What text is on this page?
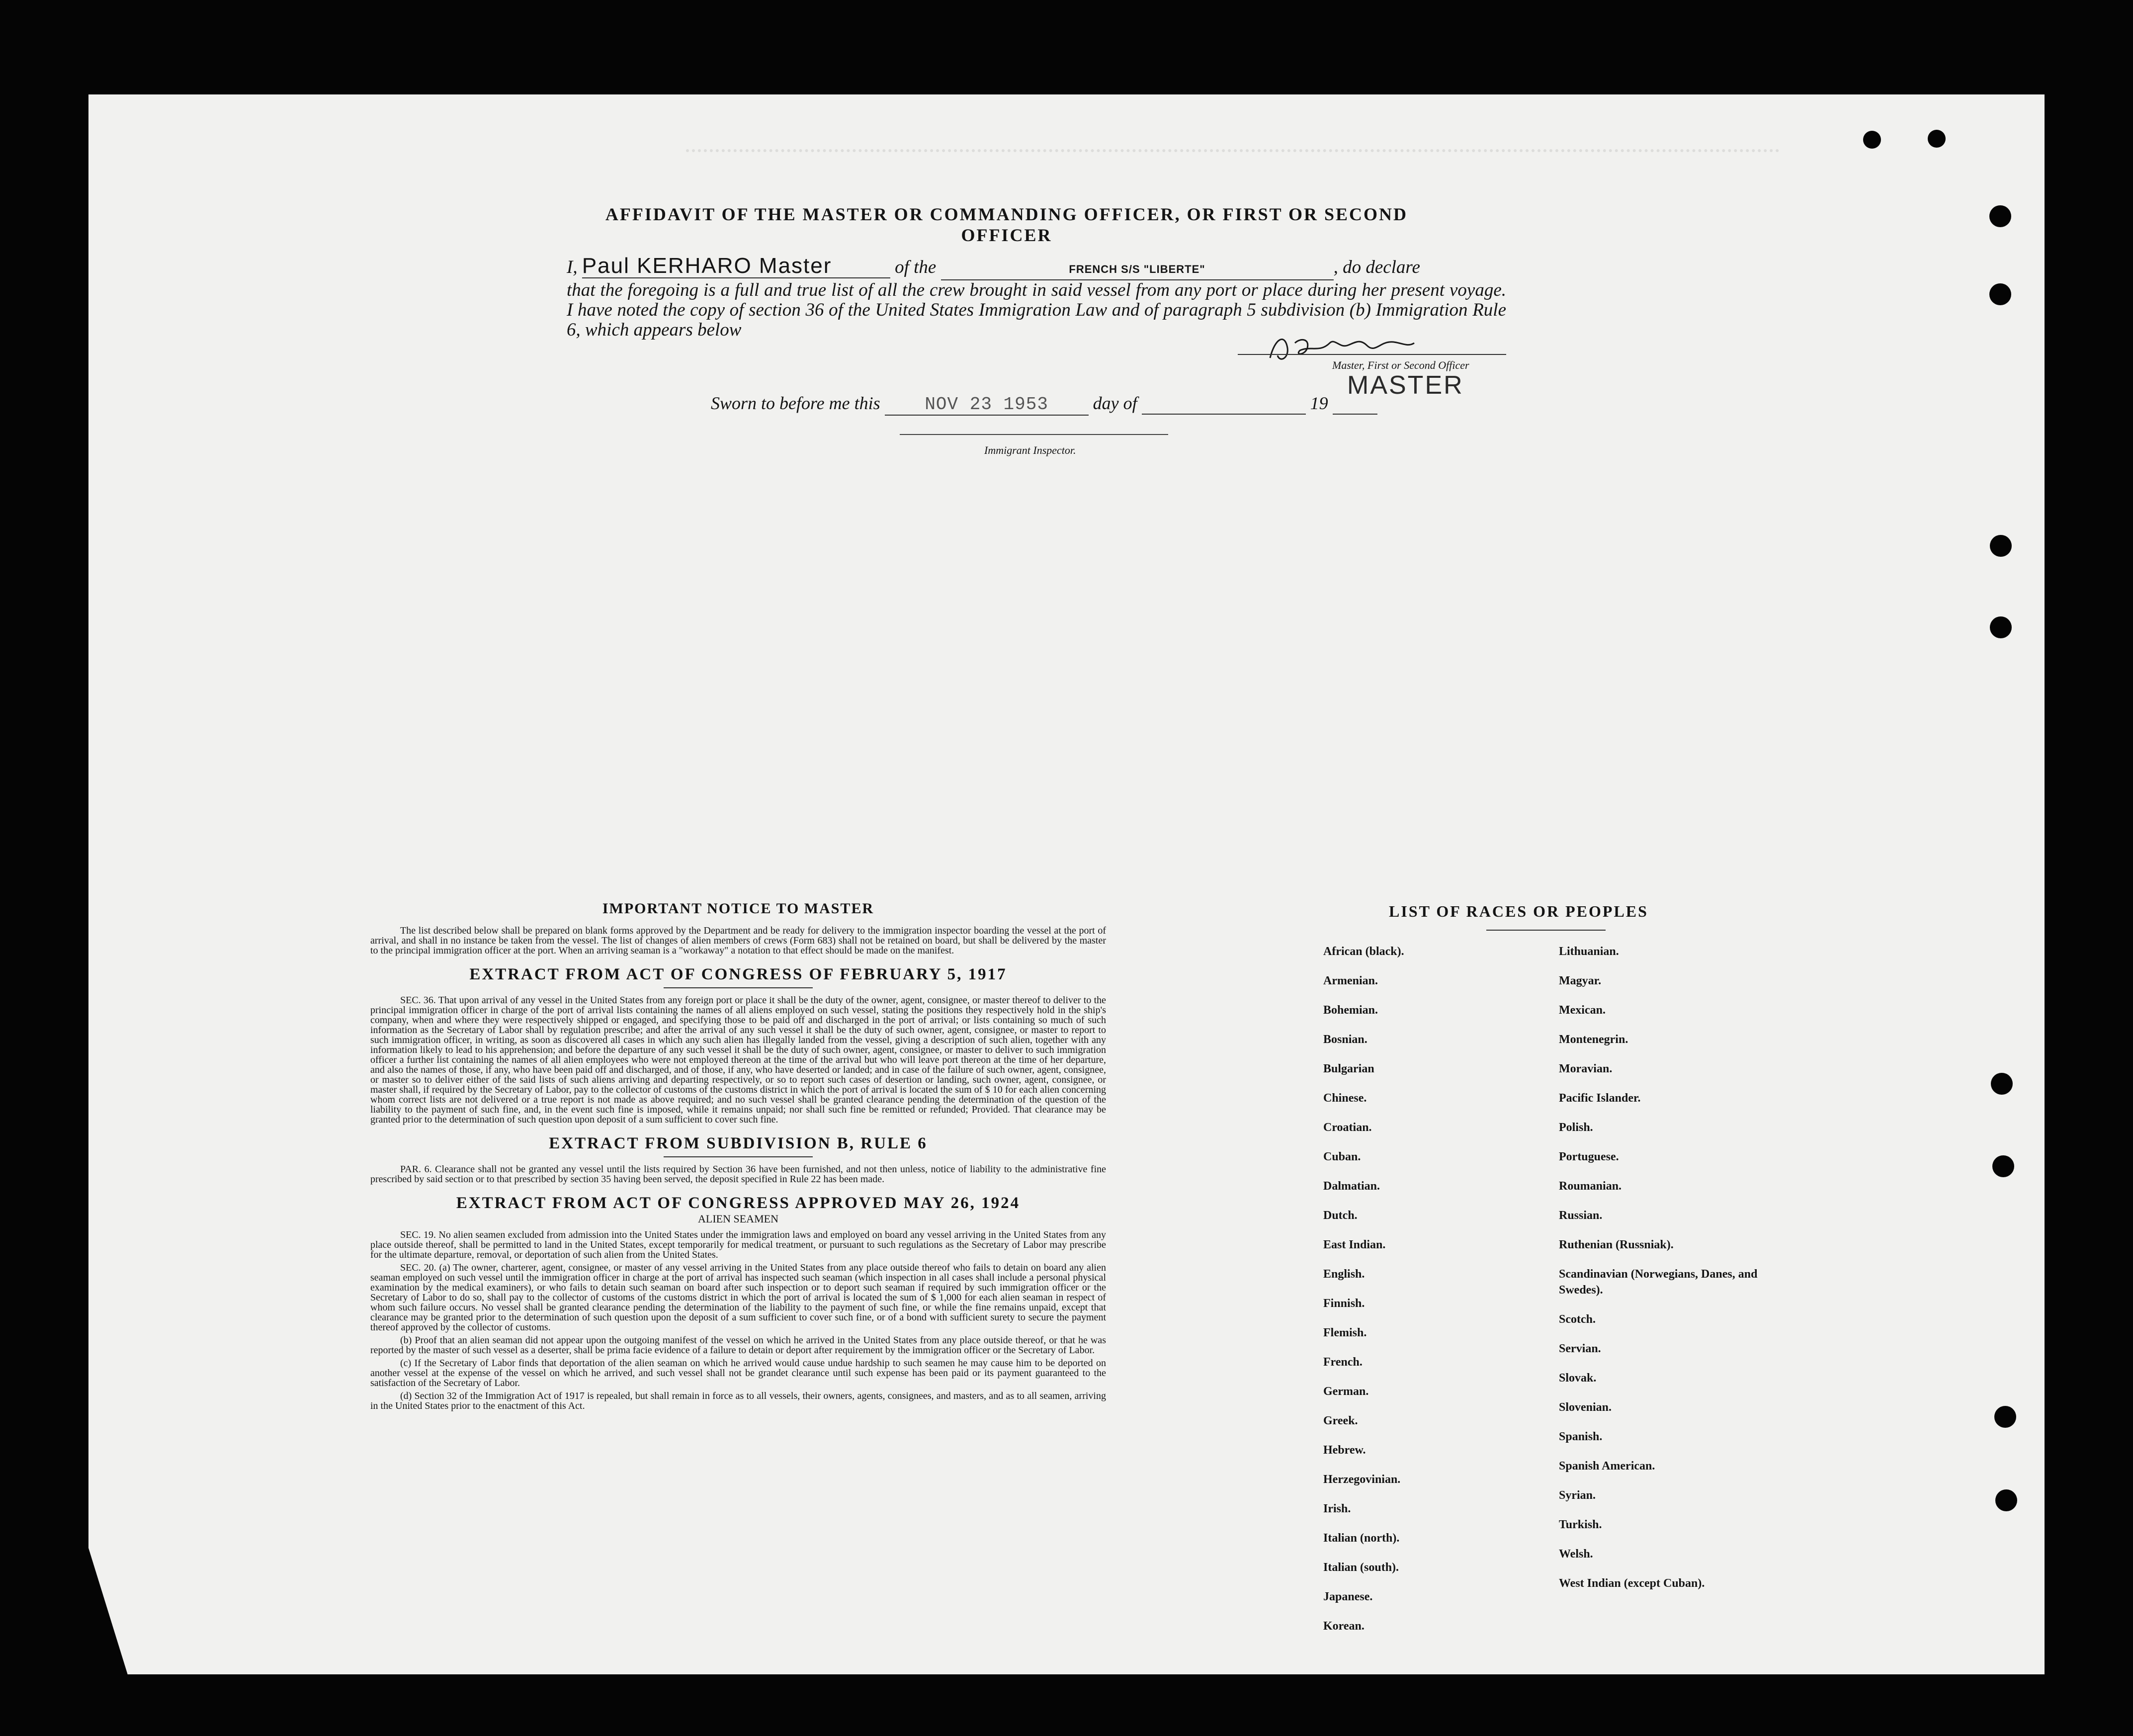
AFFIDAVIT OF THE MASTER OR COMMANDING OFFICER, OR FIRST OR SECOND OFFICER
I, Paul KERHARO Master	of the	FRENCH S/S "LIBERTE"	, do declare
that the foregoing is a full and true list of all the crew brought in said vessel from any port or place during her present voyage. I have noted the copy of section 36 of the United States Immigration Law and of paragraph 5 subdivision (b) Immigration Rule 6, which appears below
Master, First or Second Officer
MASTER
Sworn to before me this NOV 23 1953 day of	19
Immigrant Inspector.
IMPORTANT NOTICE TO MASTER

The list described below shall be prepared on blank forms approved by the Department and be ready for delivery to the immigration inspector boarding the vessel at the port of arrival, and shall in no instance be taken from the vessel. The list of changes of alien members of crews (Form 683) shall not be retained on board, but shall be delivered by the master to the principal immigration officer at the port. When an arriving seaman is a "workaway" a notation to that effect should be made on the manifest.

EXTRACT FROM ACT OF CONGRESS OF FEBRUARY 5, 1917

SEC. 36. That upon arrival of any vessel in the United States from any foreign port or place it shall be the duty of the owner, agent, consignee, or master thereof to deliver to the principal immigration officer in charge of the port of arrival lists containing the names of all aliens employed on such vessel, stating the positions they respectively hold in the ship's company, when and where they were respectively shipped or engaged, and specifying those to be paid off and discharged in the port of arrival; or lists containing so much of such information as the Secretary of Labor shall by regulation prescribe; and after the arrival of any such vessel it shall be the duty of such owner, agent, consignee, or master to report to such immigration officer, in writing, as soon as discovered all cases in which any such alien has illegally landed from the vessel, giving a description of such alien, together with any information likely to lead to his apprehension; and before the departure of any such vessel it shall be the duty of such owner, agent, consignee, or master to deliver to such immigration officer a further list containing the names of all alien employees who were not employed thereon at the time of the arrival but who will leave port thereon at the time of her departure, and also the names of those, if any, who have been paid off and discharged, and of those, if any, who have deserted or landed; and in case of the failure of such owner, agent, consignee, or master so to deliver either of the said lists of such aliens arriving and departing respectively, or so to report such cases of desertion or landing, such owner, agent, consignee, or master shall, if required by the Secretary of Labor, pay to the collector of customs of the customs district in which the port of arrival is located the sum of $ 10 for each alien concerning whom correct lists are not delivered or a true report is not made as above required; and no such vessel shall be granted clearance pending the determination of the question of the liability to the payment of such fine, and, in the event such fine is imposed, while it remains unpaid; nor shall such fine be remitted or refunded; Provided. That clearance may be granted prior to the determination of such question upon deposit of a sum sufficient to cover such fine.

EXTRACT FROM SUBDIVISION B, RULE 6

PAR. 6. Clearance shall not be granted any vessel until the lists required by Section 36 have been furnished, and not then unless, notice of liability to the administrative fine prescribed by said section or to that prescribed by section 35 having been served, the deposit specified in Rule 22 has been made.

EXTRACT FROM ACT OF CONGRESS APPROVED MAY 26, 1924
ALIEN SEAMEN

SEC. 19. No alien seamen excluded from admission into the United States under the immigration laws and employed on board any vessel arriving in the United States from any place outside thereof, shall be permitted to land in the United States, except temporarily for medical treatment, or pursuant to such regulations as the Secretary of Labor may prescribe for the ultimate departure, removal, or deportation of such alien from the United States.

SEC. 20. (a) The owner, charterer, agent, consignee, or master of any vessel arriving in the United States from any place outside thereof who fails to detain on board any alien seaman employed on such vessel until the immigration officer in charge at the port of arrival has inspected such seaman (which inspection in all cases shall include a personal physical examination by the medical examiners), or who fails to detain such seaman on board after such inspection or to deport such seaman if required by such immigration officer or the Secretary of Labor to do so, shall pay to the collector of customs of the customs district in which the port of arrival is located the sum of $ 1,000 for each alien seaman in respect of whom such failure occurs. No vessel shall be granted clearance pending the determination of the liability to the payment of such fine, or while the fine remains unpaid, except that clearance may be granted prior to the determination of such question upon the deposit of a sum sufficient to cover such fine, or of a bond with sufficient surety to secure the payment thereof approved by the collector of customs.

(b) Proof that an alien seaman did not appear upon the outgoing manifest of the vessel on which he arrived in the United States from any place outside thereof, or that he was reported by the master of such vessel as a deserter, shall be prima facie evidence of a failure to detain or deport after requirement by the immigration officer or the Secretary of Labor.

(c) If the Secretary of Labor finds that deportation of the alien seaman on which he arrived would cause undue hardship to such seamen he may cause him to be deported on another vessel at the expense of the vessel on which he arrived, and such vessel shall not be grandet clearance until such expense has been paid or its payment guaranteed to the satisfaction of the Secretary of Labor.

(d) Section 32 of the Immigration Act of 1917 is repealed, but shall remain in force as to all vessels, their owners, agents, consignees, and masters, and as to all seamen, arriving in the United States prior to the enactment of this Act.

LIST OF RACES OR PEOPLES
African (black).
Armenian.
Bohemian.
Bosnian.
Bulgarian
Chinese.
Croatian.
Cuban.
Dalmatian.
Dutch.
East Indian.
English.
Finnish.
Flemish.
French.
German.
Greek.
Hebrew.
Herzegovinian.
Irish.
Italian (north).
Italian (south).
Japanese.
Korean.
Lithuanian.
Magyar.
Mexican.
Montenegrin.
Moravian.
Pacific Islander.
Polish.
Portuguese.
Roumanian.
Russian.
Ruthenian (Russniak).
Scandinavian (Norwegians, Danes, and Swedes).
Scotch.
Servian.
Slovak.
Slovenian.
Spanish.
Spanish American.
Syrian.
Turkish.
Welsh.
West Indian (except Cuban).
